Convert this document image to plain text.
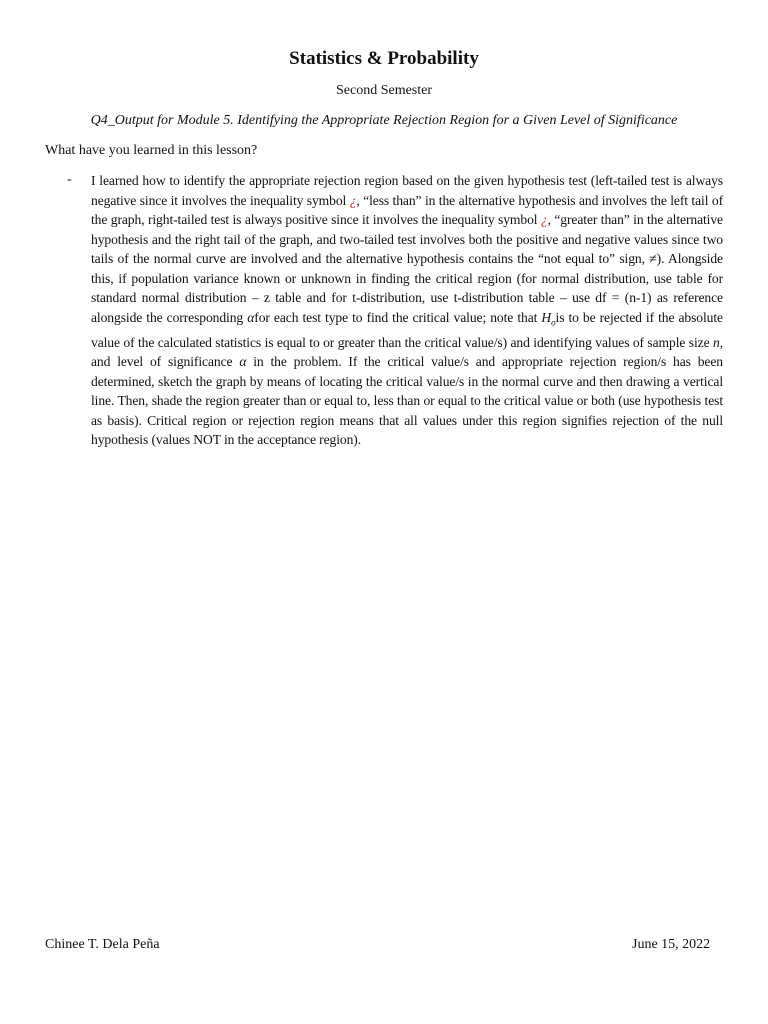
Statistics & Probability
Second Semester
Q4_Output for Module 5. Identifying the Appropriate Rejection Region for a Given Level of Significance
What have you learned in this lesson?
- I learned how to identify the appropriate rejection region based on the given hypothesis test (left-tailed test is always negative since it involves the inequality symbol ¿, “less than” in the alternative hypothesis and involves the left tail of the graph, right-tailed test is always positive since it involves the inequality symbol ¿, “greater than” in the alternative hypothesis and the right tail of the graph, and two-tailed test involves both the positive and negative values since two tails of the normal curve are involved and the alternative hypothesis contains the “not equal to” sign, ≠). Alongside this, if population variance known or unknown in finding the critical region (for normal distribution, use table for standard normal distribution – z table and for t-distribution, use t-distribution table – use df = (n-1) as reference alongside the corresponding αfor each test type to find the critical value; note that $H_ois$ to be rejected if the absolute value of the calculated statistics is equal to or greater than the critical value/s) and identifying values of sample size n, and level of significance α in the problem. If the critical value/s and appropriate rejection region/s has been determined, sketch the graph by means of locating the critical value/s in the normal curve and then drawing a vertical line. Then, shade the region greater than or equal to, less than or equal to the critical value or both (use hypothesis test as basis). Critical region or rejection region means that all values under this region signifies rejection of the null hypothesis (values NOT in the acceptance region).
Chinee T. Dela Peña	June 15, 2022
